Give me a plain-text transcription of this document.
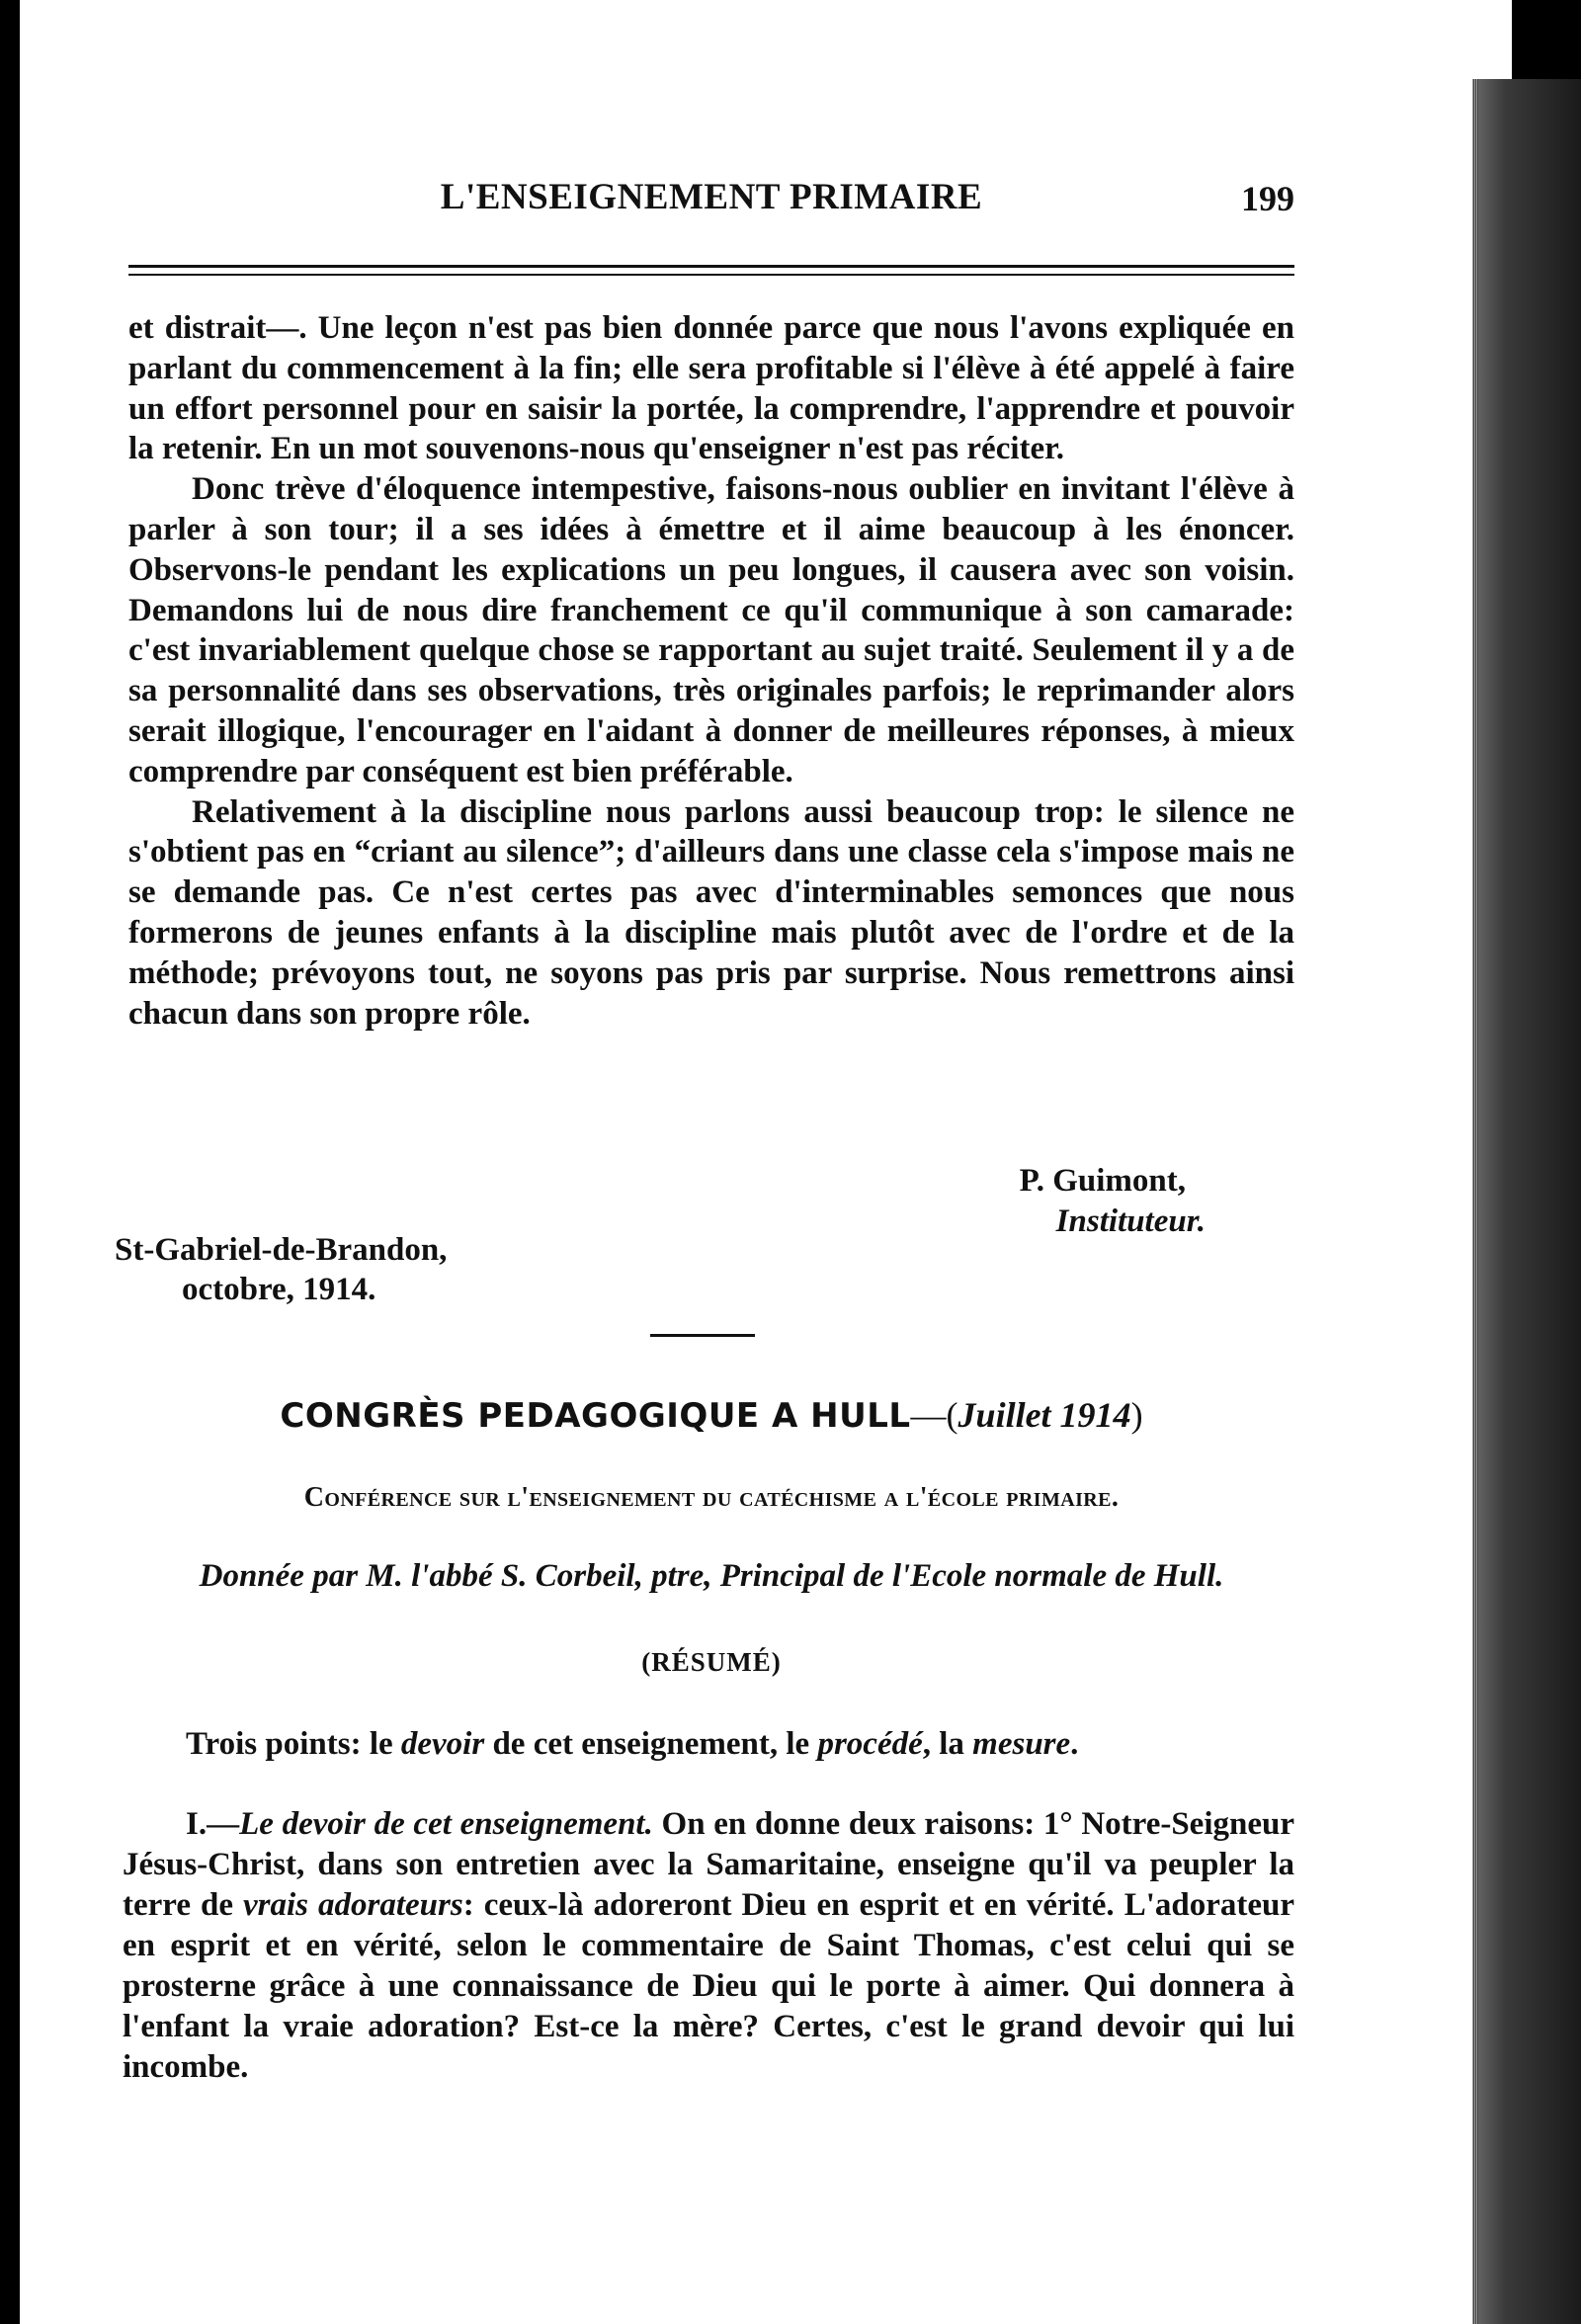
L'ENSEIGNEMENT PRIMAIRE	199

et distrait—. Une leçon n'est pas bien donnée parce que nous l'avons expliquée en parlant du commencement à la fin; elle sera profitable si l'élève à été appelé à faire un effort personnel pour en saisir la portée, la comprendre, l'apprendre et pouvoir la retenir. En un mot souvenons-nous qu'enseigner n'est pas réciter.

Donc trève d'éloquence intempestive, faisons-nous oublier en invitant l'élève à parler à son tour; il a ses idées à émettre et il aime beaucoup à les énoncer. Observons-le pendant les explications un peu longues, il causera avec son voisin. Demandons lui de nous dire franchement ce qu'il communique à son camarade: c'est invariablement quelque chose se rapportant au sujet traité. Seulement il y a de sa personnalité dans ses observations, très originales parfois; le reprimander alors serait illogique, l'encourager en l'aidant à donner de meilleures réponses, à mieux comprendre par conséquent est bien préférable.

Relativement à la discipline nous parlons aussi beaucoup trop: le silence ne s'obtient pas en “criant au silence”; d'ailleurs dans une classe cela s'impose mais ne se demande pas. Ce n'est certes pas avec d'interminables semonces que nous formerons de jeunes enfants à la discipline mais plutôt avec de l'ordre et de la méthode; prévoyons tout, ne soyons pas pris par surprise. Nous remettrons ainsi chacun dans son propre rôle.

P. Guimont,
Instituteur.
St-Gabriel-de-Brandon,
octobre, 1914.
CONGRÈS PEDAGOGIQUE A HULL—(Juillet 1914)
Conférence sur l'enseignement du catéchisme a l'école primaire.
Donnée par M. l'abbé S. Corbeil, ptre, Principal de l'Ecole normale de Hull.
(RÉSUMÉ)

Trois points: le devoir de cet enseignement, le procédé, la mesure.

I.—Le devoir de cet enseignement. On en donne deux raisons: 1° Notre-Seigneur Jésus-Christ, dans son entretien avec la Samaritaine, enseigne qu'il va peupler la terre de vrais adorateurs: ceux-là adoreront Dieu en esprit et en vérité. L'adorateur en esprit et en vérité, selon le commentaire de Saint Thomas, c'est celui qui se prosterne grâce à une connaissance de Dieu qui le porte à aimer. Qui donnera à l'enfant la vraie adoration? Est-ce la mère? Certes, c'est le grand devoir qui lui incombe.
